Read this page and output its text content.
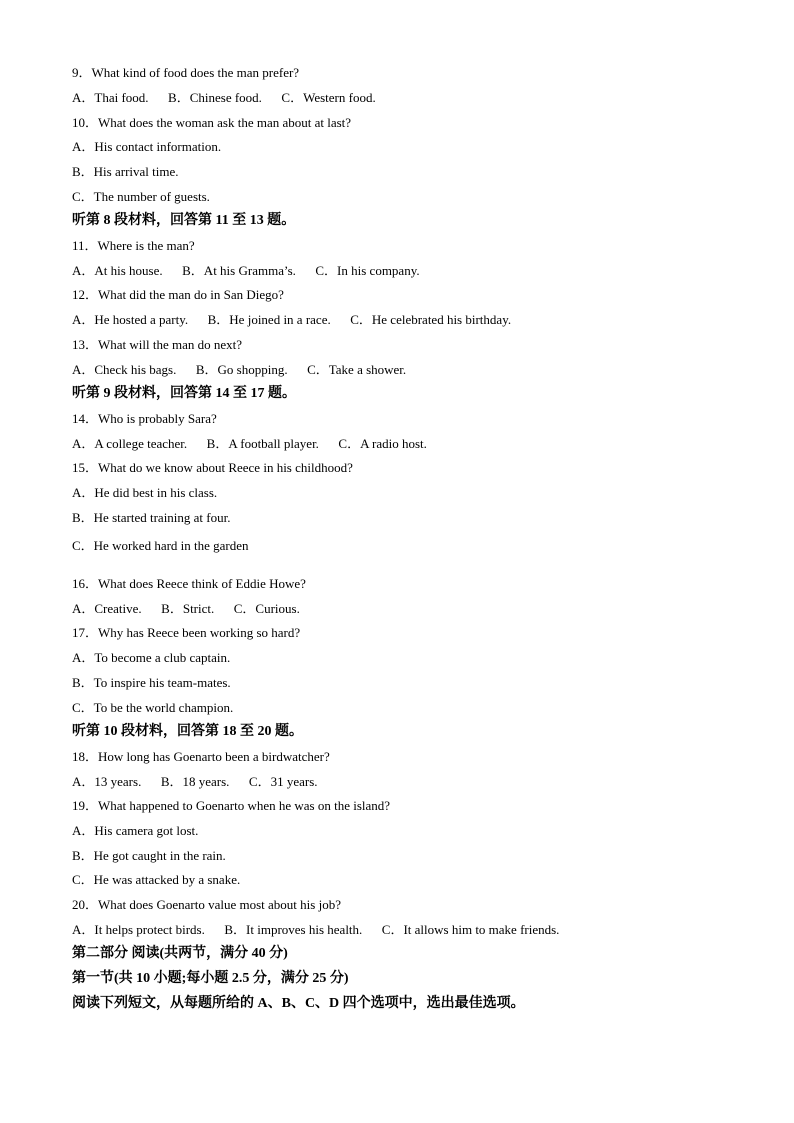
9．What kind of food does the man prefer?
A．Thai food.      B．Chinese food.      C．Western food.
10．What does the woman ask the man about at last?
A．His contact information.
B．His arrival time.
C．The number of guests.
听第 8 段材料，回答第 11 至 13 题。
11．Where is the man?
A．At his house.      B．At his Gramma’s.      C．In his company.
12．What did the man do in San Diego?
A．He hosted a party.      B．He joined in a race.      C．He celebrated his birthday.
13．What will the man do next?
A．Check his bags.      B．Go shopping.      C．Take a shower.
听第 9 段材料，回答第 14 至 17 题。
14．Who is probably Sara?
A．A college teacher.      B．A football player.      C．A radio host.
15．What do we know about Reece in his childhood?
A．He did best in his class.
B．He started training at four.
C．He worked hard in the garden
16．What does Reece think of Eddie Howe?
A．Creative.      B．Strict.      C．Curious.
17．Why has Reece been working so hard?
A．To become a club captain.
B．To inspire his team-mates.
C．To be the world champion.
听第 10 段材料，回答第 18 至 20 题。
18．How long has Goenarto been a birdwatcher?
A．13 years.      B．18 years.      C．31 years.
19．What happened to Goenarto when he was on the island?
A．His camera got lost.
B．He got caught in the rain.
C．He was attacked by a snake.
20．What does Goenarto value most about his job?
A．It helps protect birds.      B．It improves his health.      C．It allows him to make friends.
第二部分 阅读(共两节，满分 40 分)
第一节(共 10 小题;每小题 2.5 分，满分 25 分)
阅读下列短文，从每题所给的 A、B、C、D 四个选项中，选出最佳选项。
